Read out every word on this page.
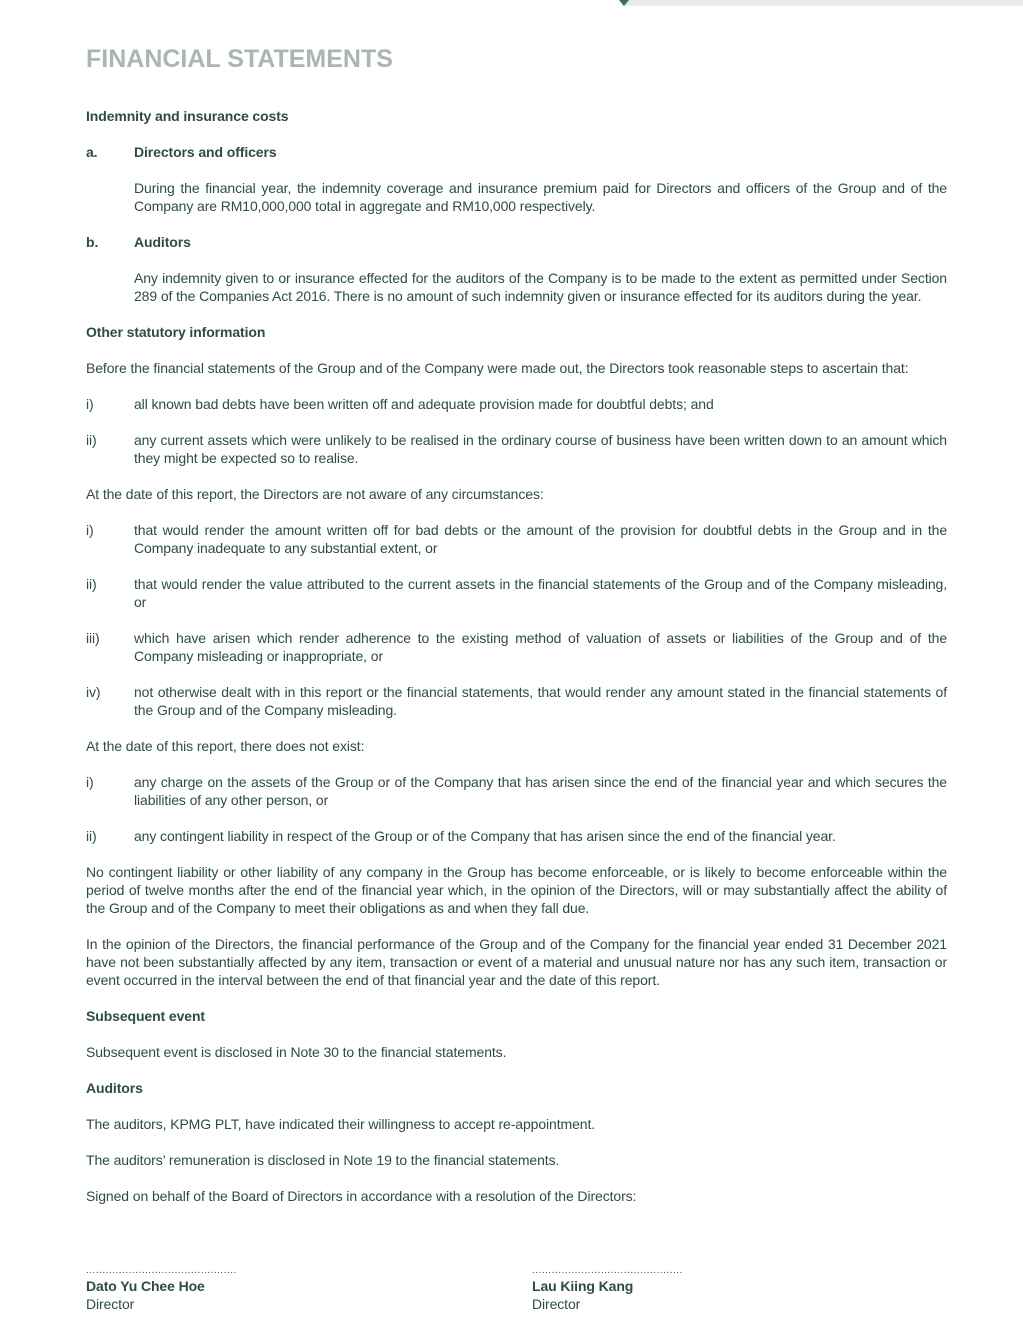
FINANCIAL STATEMENTS
Indemnity and insurance costs
a.	Directors and officers
During the financial year, the indemnity coverage and insurance premium paid for Directors and officers of the Group and of the Company are RM10,000,000 total in aggregate and RM10,000 respectively.
b.	Auditors
Any indemnity given to or insurance effected for the auditors of the Company is to be made to the extent as permitted under Section 289 of the Companies Act 2016. There is no amount of such indemnity given or insurance effected for its auditors during the year.
Other statutory information
Before the financial statements of the Group and of the Company were made out, the Directors took reasonable steps to ascertain that:
i)	all known bad debts have been written off and adequate provision made for doubtful debts; and
ii)	any current assets which were unlikely to be realised in the ordinary course of business have been written down to an amount which they might be expected so to realise.
At the date of this report, the Directors are not aware of any circumstances:
i)	that would render the amount written off for bad debts or the amount of the provision for doubtful debts in the Group and in the Company inadequate to any substantial extent, or
ii)	that would render the value attributed to the current assets in the financial statements of the Group and of the Company misleading, or
iii)	which have arisen which render adherence to the existing method of valuation of assets or liabilities of the Group and of the Company misleading or inappropriate, or
iv)	not otherwise dealt with in this report or the financial statements, that would render any amount stated in the financial statements of the Group and of the Company misleading.
At the date of this report, there does not exist:
i)	any charge on the assets of the Group or of the Company that has arisen since the end of the financial year and which secures the liabilities of any other person, or
ii)	any contingent liability in respect of the Group or of the Company that has arisen since the end of the financial year.
No contingent liability or other liability of any company in the Group has become enforceable, or is likely to become enforceable within the period of twelve months after the end of the financial year which, in the opinion of the Directors, will or may substantially affect the ability of the Group and of the Company to meet their obligations as and when they fall due.
In the opinion of the Directors, the financial performance of the Group and of the Company for the financial year ended 31 December 2021 have not been substantially affected by any item, transaction or event of a material and unusual nature nor has any such item, transaction or event occurred in the interval between the end of that financial year and the date of this report.
Subsequent event
Subsequent event is disclosed in Note 30 to the financial statements.
Auditors
The auditors, KPMG PLT, have indicated their willingness to accept re-appointment.
The auditors’ remuneration is disclosed in Note 19 to the financial statements.
Signed on behalf of the Board of Directors in accordance with a resolution of the Directors:
..............................................
Dato Yu Chee Hoe
Director
..............................................
Lau Kiing Kang
Director
